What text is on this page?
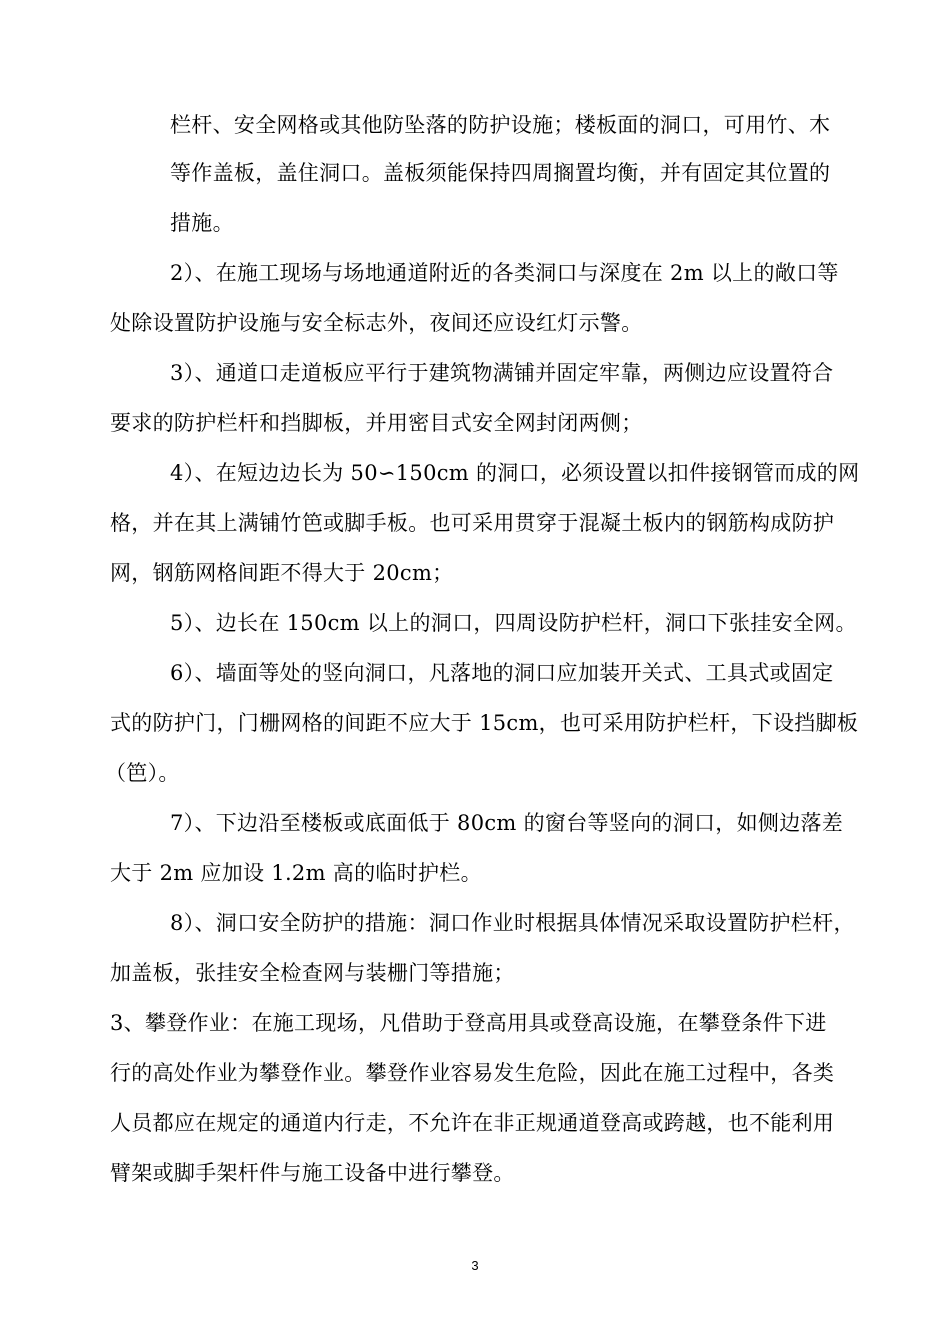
栏杆、安全网格或其他防坠落的防护设施；楼板面的洞口，可用竹、木
等作盖板，盖住洞口。盖板须能保持四周搁置均衡，并有固定其位置的
措施。
2）、在施工现场与场地通道附近的各类洞口与深度在 2m 以上的敞口等
处除设置防护设施与安全标志外，夜间还应设红灯示警。
3）、通道口走道板应平行于建筑物满铺并固定牢靠，两侧边应设置符合
要求的防护栏杆和挡脚板，并用密目式安全网封闭两侧；
4）、在短边边长为 50∽150cm 的洞口，必须设置以扣件接钢管而成的网
格，并在其上满铺竹笆或脚手板。也可采用贯穿于混凝土板内的钢筋构成防护
网，钢筋网格间距不得大于 20cm；
5）、边长在 150cm 以上的洞口，四周设防护栏杆，洞口下张挂安全网。
6）、墙面等处的竖向洞口，凡落地的洞口应加装开关式、工具式或固定
式的防护门，门栅网格的间距不应大于 15cm，也可采用防护栏杆，下设挡脚板
（笆）。
7）、下边沿至楼板或底面低于 80cm 的窗台等竖向的洞口，如侧边落差
大于 2m 应加设 1.2m 高的临时护栏。
8）、洞口安全防护的措施：洞口作业时根据具体情况采取设置防护栏杆，
加盖板，张挂安全检查网与装栅门等措施；
3、攀登作业：在施工现场，凡借助于登高用具或登高设施，在攀登条件下进
行的高处作业为攀登作业。攀登作业容易发生危险，因此在施工过程中，各类
人员都应在规定的通道内行走，不允许在非正规通道登高或跨越，也不能利用
臂架或脚手架杆件与施工设备中进行攀登。
3
